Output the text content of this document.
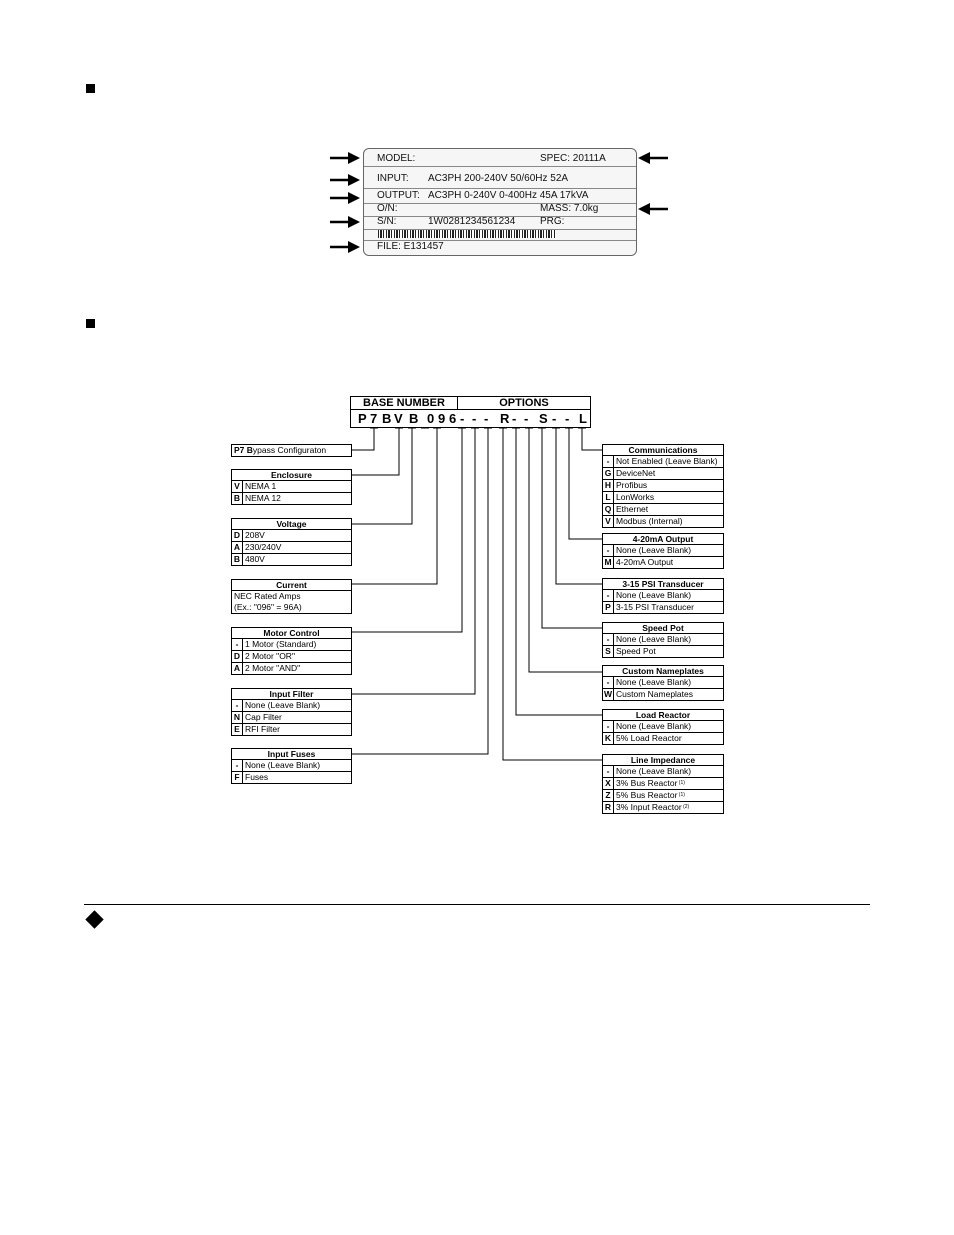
MODEL:	SPEC: 20111A
INPUT: AC3PH 200-240V 50/60Hz 52A
OUTPUT: AC3PH 0-240V 0-400Hz 45A 17kVA
O/N:	MASS: 7.0kg
S/N:	1W0281234561234 PRG:
FILE: E131457
BASE NUMBER	OPTIONS
P 7 B V B 0 9 6 - - - R - - S - - L
P7 Bypass Configuraton
Enclosure
V NEMA 1
B NEMA 12
Voltage
D 208V
A 230/240V
B 480V
Current
NEC Rated Amps
(Ex.: "096" = 96A)
Motor Control
- 1 Motor (Standard)
D 2 Motor "OR"
A 2 Motor "AND"
Input Filter
- None (Leave Blank)
N Cap Filter
E RFI Filter
Input Fuses
- None (Leave Blank)
F Fuses
Communications
- Not Enabled (Leave Blank)
G DeviceNet
H Profibus
L LonWorks
Q Ethernet
V Modbus (Internal)
4-20mA Output
- None (Leave Blank)
M 4-20mA Output
3-15 PSI Transducer
- None (Leave Blank)
P 3-15 PSI Transducer
Speed Pot
- None (Leave Blank)
S Speed Pot
Custom Nameplates
- None (Leave Blank)
W Custom Nameplates
Load Reactor
- None (Leave Blank)
K 5% Load Reactor
Line Impedance
- None (Leave Blank)
X 3% Bus Reactor $^{(1)}$
Z 5% Bus Reactor $^{(1)}$
R 3% Input Reactor $^{(2)}$
